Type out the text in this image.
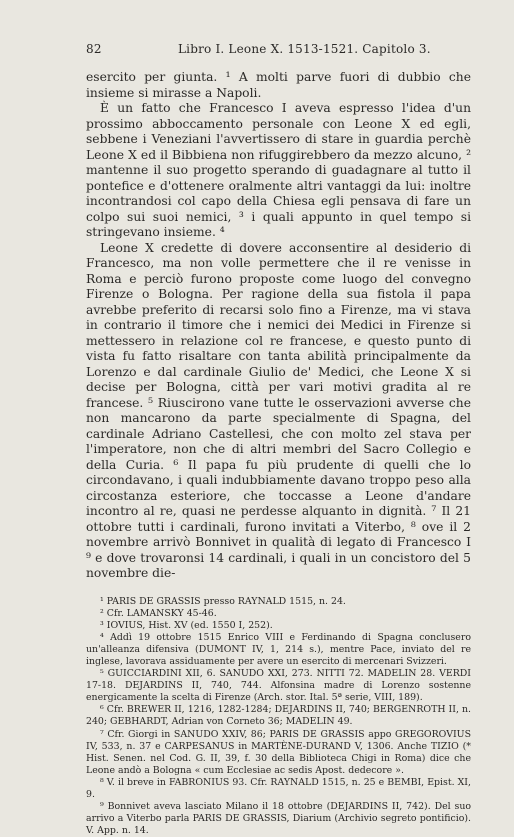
82	Libro I. Leone X. 1513-1521. Capitolo 3.

esercito per giunta. ¹ A molti parve fuori di dubbio che insieme si mirasse a Napoli.

È un fatto che Francesco I aveva espresso l'idea d'un prossimo abboccamento personale con Leone X ed egli, sebbene i Veneziani l'avvertissero di stare in guardia perchè Leone X ed il Bibbiena non rifuggirebbero da mezzo alcuno, ² mantenne il suo progetto sperando di guadagnare al tutto il pontefice e d'ottenere oralmente altri vantaggi da lui: inoltre incontrandosi col capo della Chiesa egli pensava di fare un colpo sui suoi nemici, ³ i quali appunto in quel tempo si stringevano insieme. ⁴

Leone X credette di dovere acconsentire al desiderio di Francesco, ma non volle permettere che il re venisse in Roma e perciò furono proposte come luogo del convegno Firenze o Bologna. Per ragione della sua fistola il papa avrebbe preferito di recarsi solo fino a Firenze, ma vi stava in contrario il timore che i nemici dei Medici in Firenze si mettessero in relazione col re francese, e questo punto di vista fu fatto risaltare con tanta abilità principalmente da Lorenzo e dal cardinale Giulio de' Medici, che Leone X si decise per Bologna, città per vari motivi gradita al re francese. ⁵ Riuscirono vane tutte le osservazioni avverse che non mancarono da parte specialmente di Spagna, del cardinale Adriano Castellesi, che con molto zel stava per l'imperatore, non che di altri membri del Sacro Collegio e della Curia. ⁶ Il papa fu più prudente di quelli che lo circondavano, i quali indubbiamente davano troppo peso alla circostanza esteriore, che toccasse a Leone d'andare incontro al re, quasi ne perdesse alquanto in dignità. ⁷ Il 21 ottobre tutti i cardinali, furono invitati a Viterbo, ⁸ ove il 2 novembre arrivò Bonnivet in qualità di legato di Francesco I ⁹ e dove trovaronsi 14 cardinali, i quali in un concistoro del 5 novembre die-

¹ PARIS DE GRASSIS presso RAYNALD 1515, n. 24.

² Cfr. LAMANSKY 45-46.

³ IOVIUS, Hist. XV (ed. 1550 I, 252).

⁴ Addì 19 ottobre 1515 Enrico VIII e Ferdinando di Spagna conclusero un'alleanza difensiva (DUMONT IV, 1, 214 s.), mentre Pace, inviato del re inglese, lavorava assiduamente per avere un esercito di mercenari Svizzeri.

⁵ GUICCIARDINI XII, 6. SANUDO XXI, 273. NITTI 72. MADELIN 28. VERDI 17-18. DEJARDINS II, 740, 744. Alfonsina madre di Lorenzo sostenne energicamente la scelta di Firenze (Arch. stor. Ital. 5ª serie, VIII, 189).

⁶ Cfr. BREWER II, 1216, 1282-1284; DEJARDINS II, 740; BERGENROTH II, n. 240; GEBHARDT, Adrian von Corneto 36; MADELIN 49.

⁷ Cfr. Giorgi in SANUDO XXIV, 86; PARIS DE GRASSIS appo GREGOROVIUS IV, 533, n. 37 e CARPESANUS in MARTÈNE-DURAND V, 1306. Anche TIZIO (* Hist. Senen. nel Cod. G. II, 39, f. 30 della Biblioteca Chigi in Roma) dice che Leone andò a Bologna « cum Ecclesiae ac sedis Apost. dedecore ».

⁸ V. il breve in FABRONIUS 93. Cfr. RAYNALD 1515, n. 25 e BEMBI, Epist. XI, 9.

⁹ Bonnivet aveva lasciato Milano il 18 ottobre (DEJARDINS II, 742). Del suo arrivo a Viterbo parla PARIS DE GRASSIS, Diarium (Archivio segreto pontificio). V. App. n. 14.
